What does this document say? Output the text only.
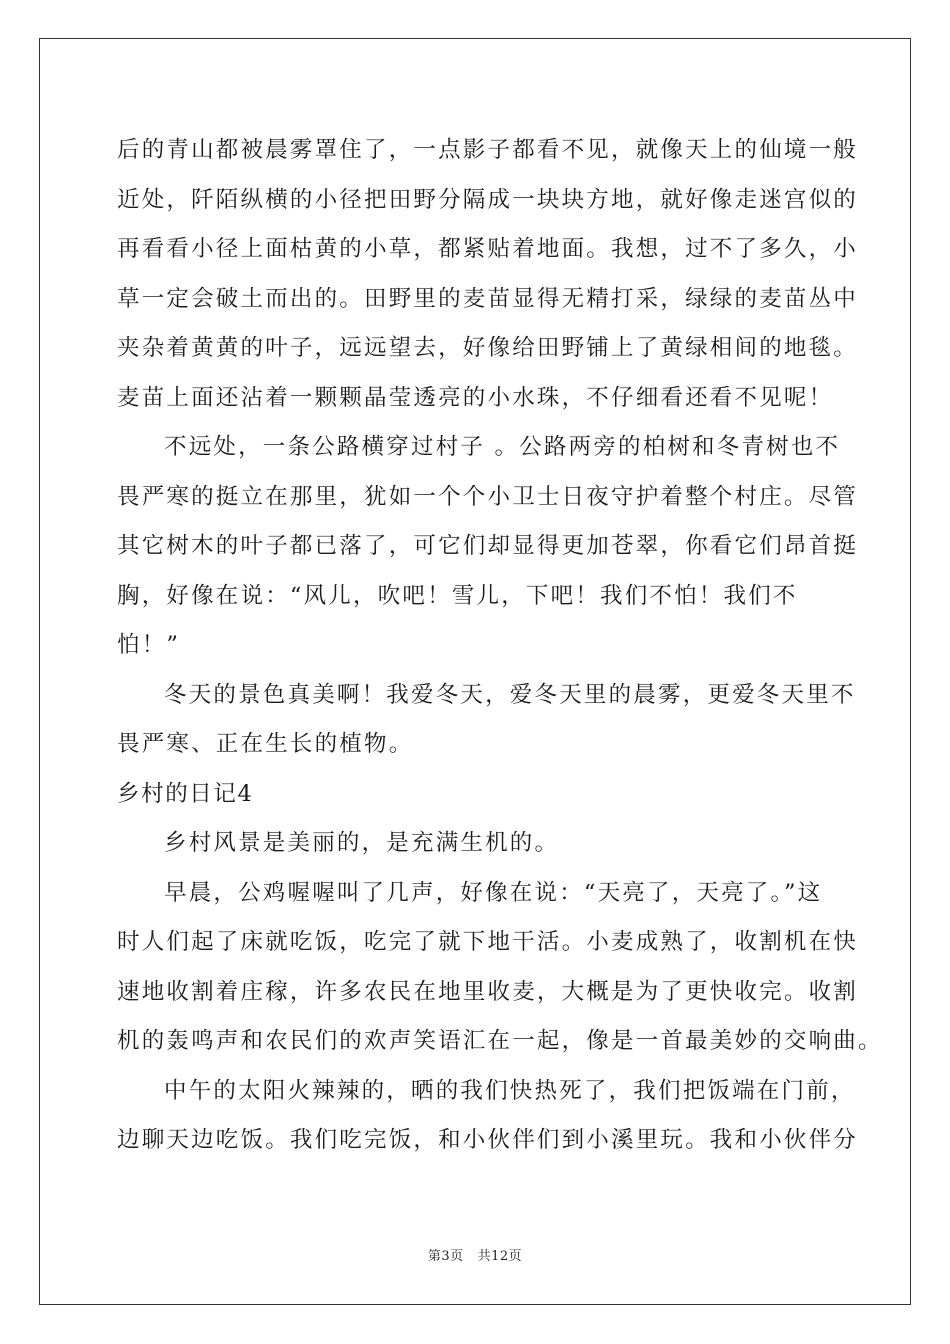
后的青山都被晨雾罩住了，一点影子都看不见，就像天上的仙境一般
近处，阡陌纵横的小径把田野分隔成一块块方地，就好像走迷宫似的
再看看小径上面枯黄的小草，都紧贴着地面。我想，过不了多久，小
草一定会破土而出的。田野里的麦苗显得无精打采，绿绿的麦苗丛中
夹杂着黄黄的叶子，远远望去，好像给田野铺上了黄绿相间的地毯。
麦苗上面还沾着一颗颗晶莹透亮的小水珠，不仔细看还看不见呢！
不远处，一条公路横穿过村子 。公路两旁的柏树和冬青树也不
畏严寒的挺立在那里，犹如一个个小卫士日夜守护着整个村庄。尽管
其它树木的叶子都已落了，可它们却显得更加苍翠，你看它们昂首挺
胸，好像在说：“风儿，吹吧！雪儿，下吧！我们不怕！我们不
怕！”
冬天的景色真美啊！我爱冬天，爱冬天里的晨雾，更爱冬天里不
畏严寒、正在生长的植物。
乡村的日记4
乡村风景是美丽的，是充满生机的。
早晨，公鸡喔喔叫了几声，好像在说：“天亮了，天亮了。”这
时人们起了床就吃饭，吃完了就下地干活。小麦成熟了，收割机在快
速地收割着庄稼，许多农民在地里收麦，大概是为了更快收完。收割
机的轰鸣声和农民们的欢声笑语汇在一起，像是一首最美妙的交响曲。
中午的太阳火辣辣的，晒的我们快热死了，我们把饭端在门前，
边聊天边吃饭。我们吃完饭，和小伙伴们到小溪里玩。我和小伙伴分
第3页 共12页
